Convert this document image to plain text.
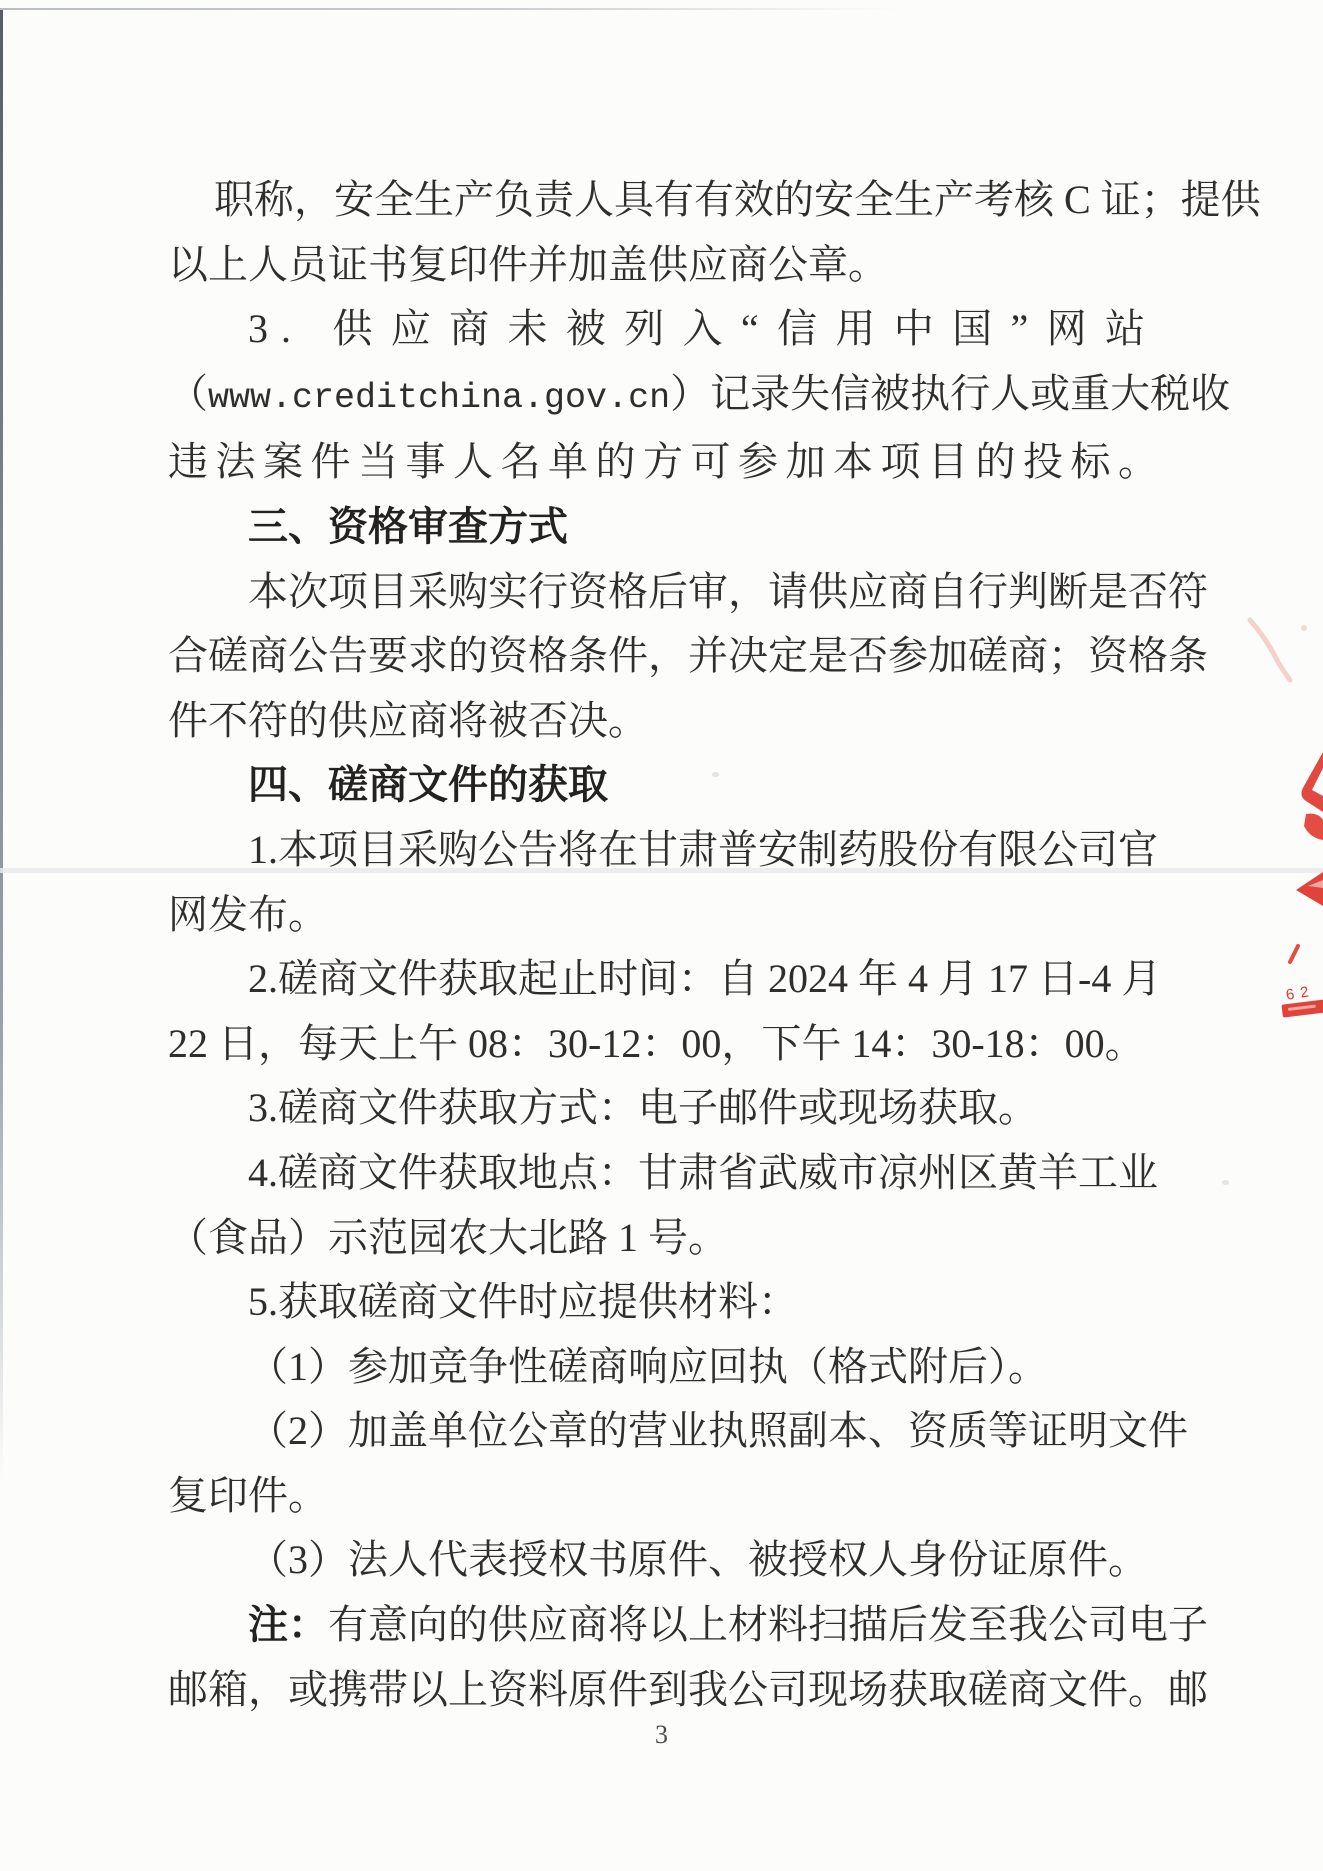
职称，安全生产负责人具有有效的安全生产考核 C 证；提供

以上人员证书复印件并加盖供应商公章。

3. 供应商未被列入“信用中国”网站

（www.creditchina.gov.cn）记录失信被执行人或重大税收

违法案件当事人名单的方可参加本项目的投标。

三、资格审查方式

本次项目采购实行资格后审，请供应商自行判断是否符

合磋商公告要求的资格条件，并决定是否参加磋商；资格条

件不符的供应商将被否决。

四、磋商文件的获取

1.本项目采购公告将在甘肃普安制药股份有限公司官

网发布。

2.磋商文件获取起止时间：自 2024 年 4 月 17 日-4 月

22 日，每天上午 08：30-12：00，下午 14：30-18：00。

3.磋商文件获取方式：电子邮件或现场获取。

4.磋商文件获取地点：甘肃省武威市凉州区黄羊工业

（食品）示范园农大北路 1 号。

5.获取磋商文件时应提供材料：

（1）参加竞争性磋商响应回执（格式附后）。

（2）加盖单位公章的营业执照副本、资质等证明文件

复印件。

（3）法人代表授权书原件、被授权人身份证原件。

注：有意向的供应商将以上材料扫描后发至我公司电子

邮箱，或携带以上资料原件到我公司现场获取磋商文件。邮

3
62
